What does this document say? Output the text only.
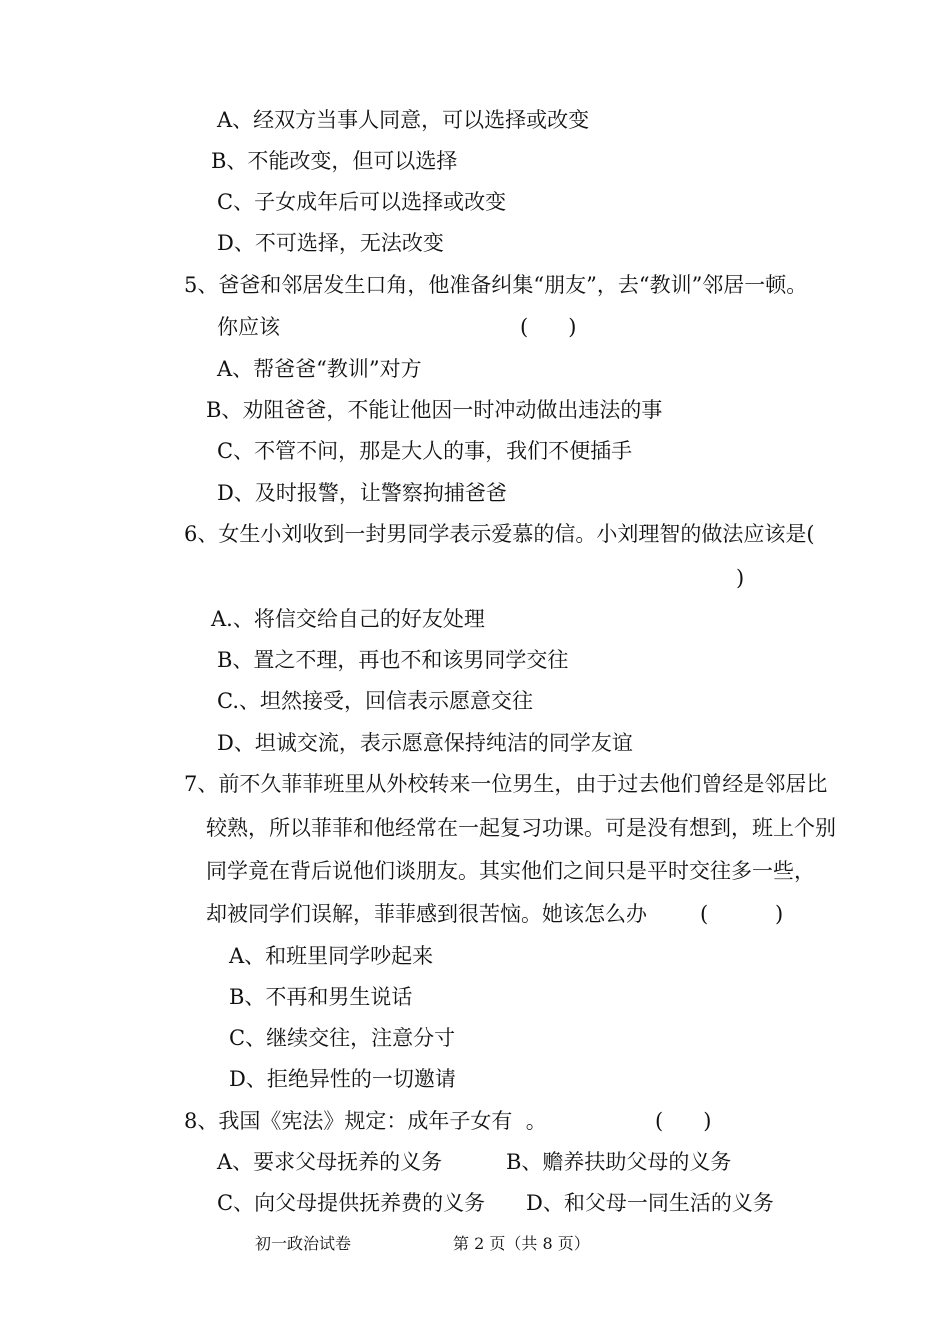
A、经双方当事人同意，可以选择或改变
B、不能改变，但可以选择
C、子女成年后可以选择或改变
D、不可选择，无法改变
5、爸爸和邻居发生口角，他准备纠集“朋友”，去“教训”邻居一顿。
你应该	(      )
A、帮爸爸“教训”对方
B、劝阻爸爸，不能让他因一时冲动做出违法的事
C、不管不问，那是大人的事，我们不便插手
D、及时报警，让警察拘捕爸爸
6、女生小刘收到一封男同学表示爱慕的信。小刘理智的做法应该是(
)
A.、将信交给自己的好友处理
B、置之不理，再也不和该男同学交往
C.、坦然接受，回信表示愿意交往
D、坦诚交流，表示愿意保持纯洁的同学友谊
7、前不久菲菲班里从外校转来一位男生，由于过去他们曾经是邻居比
较熟，所以菲菲和他经常在一起复习功课。可是没有想到，班上个别
同学竟在背后说他们谈朋友。其实他们之间只是平时交往多一些，
却被同学们误解，菲菲感到很苦恼。她该怎么办	(          )
A、和班里同学吵起来
B、不再和男生说话
C、继续交往，注意分寸
D、拒绝异性的一切邀请
8、我国《宪法》规定：成年子女有  。	(      )
A、要求父母抚养的义务	B、赡养扶助父母的义务
C、向父母提供抚养费的义务 D、和父母一同生活的义务
初一政治试卷	第 2 页（共 8 页）
